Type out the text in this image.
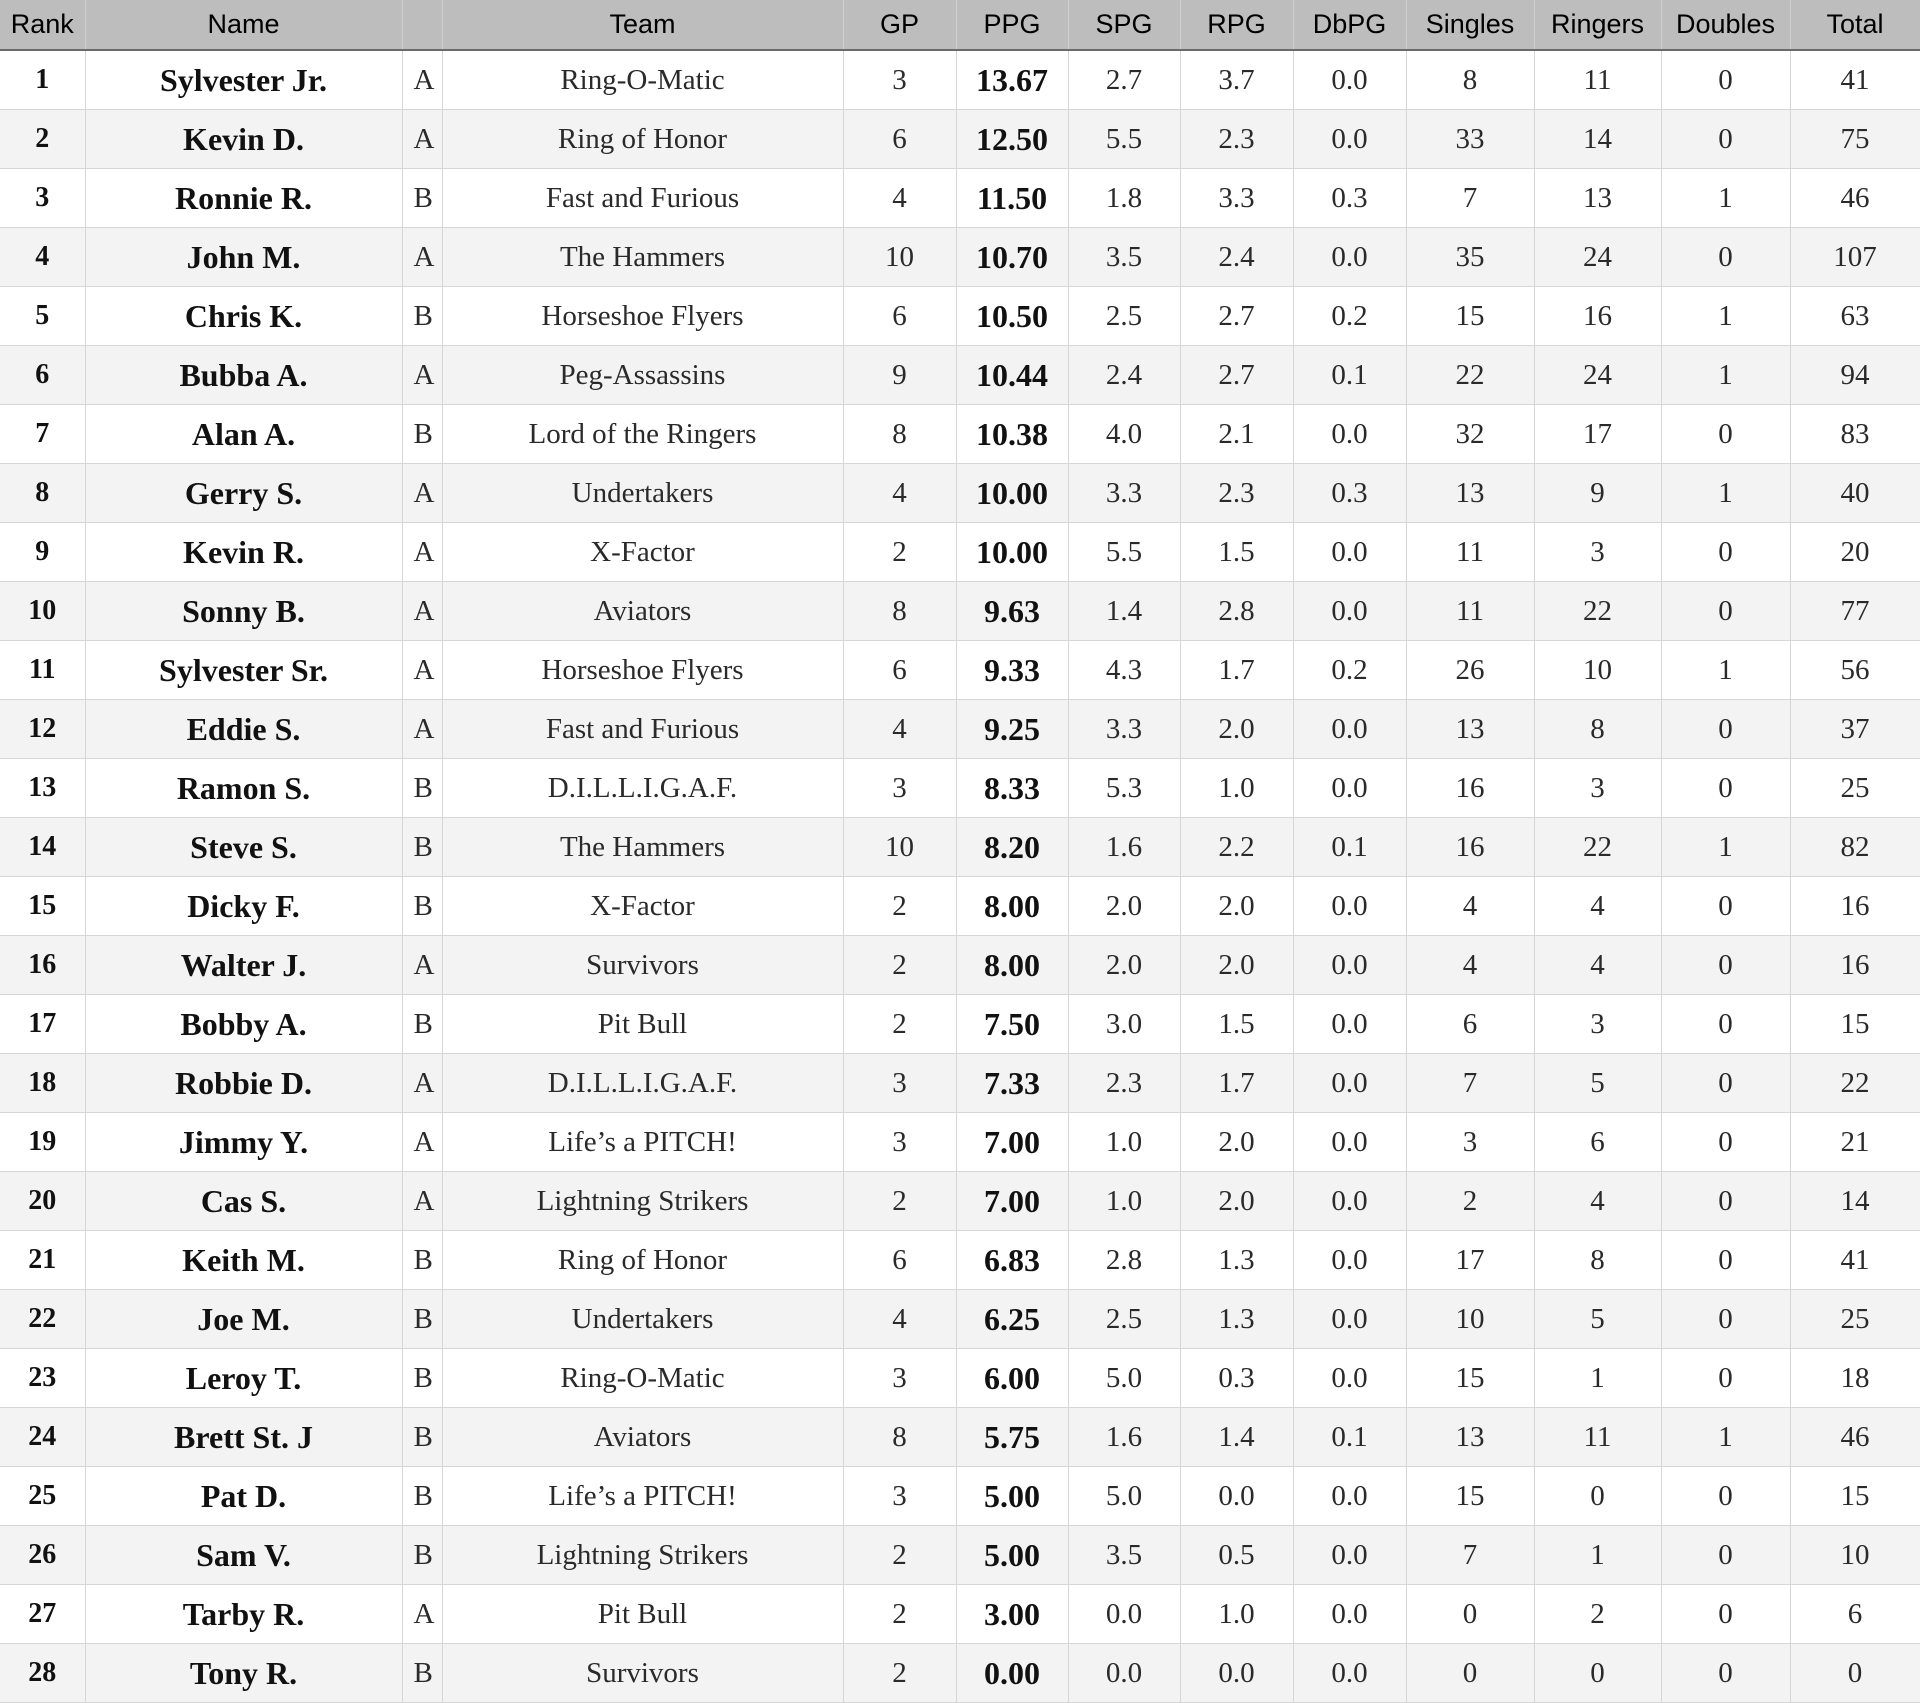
Rank	Name		Team	GP	PPG	SPG	RPG	DbPG	Singles	Ringers	Doubles	Total
1	Sylvester Jr.	A	Ring-O-Matic	3	13.67	2.7	3.7	0.0	8	11	0	41
2	Kevin D.	A	Ring of Honor	6	12.50	5.5	2.3	0.0	33	14	0	75
3	Ronnie R.	B	Fast and Furious	4	11.50	1.8	3.3	0.3	7	13	1	46
4	John M.	A	The Hammers	10	10.70	3.5	2.4	0.0	35	24	0	107
5	Chris K.	B	Horseshoe Flyers	6	10.50	2.5	2.7	0.2	15	16	1	63
6	Bubba A.	A	Peg-Assassins	9	10.44	2.4	2.7	0.1	22	24	1	94
7	Alan A.	B	Lord of the Ringers	8	10.38	4.0	2.1	0.0	32	17	0	83
8	Gerry S.	A	Undertakers	4	10.00	3.3	2.3	0.3	13	9	1	40
9	Kevin R.	A	X-Factor	2	10.00	5.5	1.5	0.0	11	3	0	20
10	Sonny B.	A	Aviators	8	9.63	1.4	2.8	0.0	11	22	0	77
11	Sylvester Sr.	A	Horseshoe Flyers	6	9.33	4.3	1.7	0.2	26	10	1	56
12	Eddie S.	A	Fast and Furious	4	9.25	3.3	2.0	0.0	13	8	0	37
13	Ramon S.	B	D.I.L.L.I.G.A.F.	3	8.33	5.3	1.0	0.0	16	3	0	25
14	Steve S.	B	The Hammers	10	8.20	1.6	2.2	0.1	16	22	1	82
15	Dicky F.	B	X-Factor	2	8.00	2.0	2.0	0.0	4	4	0	16
16	Walter J.	A	Survivors	2	8.00	2.0	2.0	0.0	4	4	0	16
17	Bobby A.	B	Pit Bull	2	7.50	3.0	1.5	0.0	6	3	0	15
18	Robbie D.	A	D.I.L.L.I.G.A.F.	3	7.33	2.3	1.7	0.0	7	5	0	22
19	Jimmy Y.	A	Life’s a PITCH!	3	7.00	1.0	2.0	0.0	3	6	0	21
20	Cas S.	A	Lightning Strikers	2	7.00	1.0	2.0	0.0	2	4	0	14
21	Keith M.	B	Ring of Honor	6	6.83	2.8	1.3	0.0	17	8	0	41
22	Joe M.	B	Undertakers	4	6.25	2.5	1.3	0.0	10	5	0	25
23	Leroy T.	B	Ring-O-Matic	3	6.00	5.0	0.3	0.0	15	1	0	18
24	Brett St. J	B	Aviators	8	5.75	1.6	1.4	0.1	13	11	1	46
25	Pat D.	B	Life’s a PITCH!	3	5.00	5.0	0.0	0.0	15	0	0	15
26	Sam V.	B	Lightning Strikers	2	5.00	3.5	0.5	0.0	7	1	0	10
27	Tarby R.	A	Pit Bull	2	3.00	0.0	1.0	0.0	0	2	0	6
28	Tony R.	B	Survivors	2	0.00	0.0	0.0	0.0	0	0	0	0
